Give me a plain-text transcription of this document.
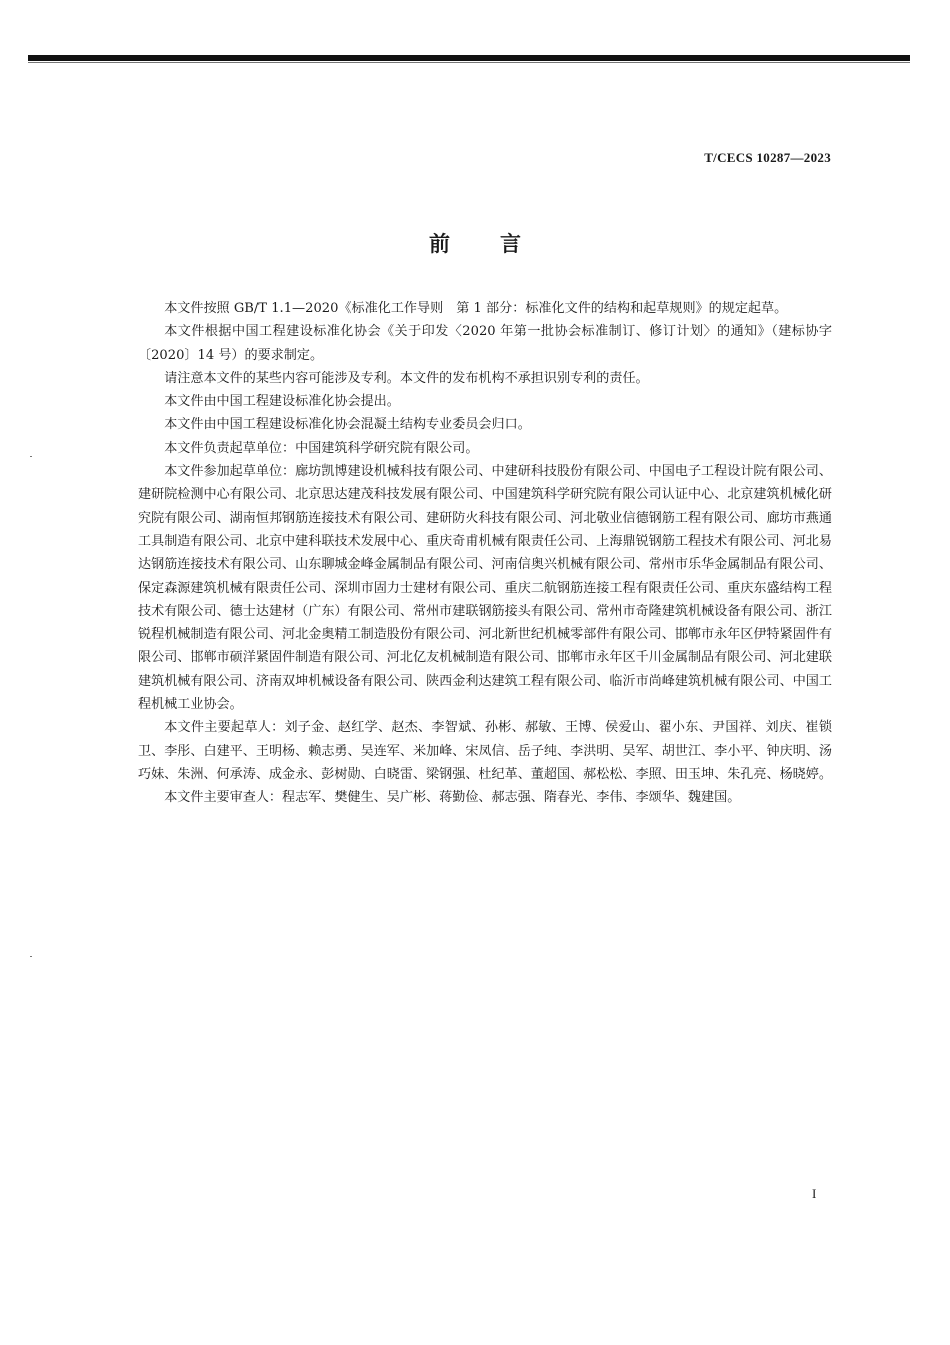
T/CECS 10287—2023
前言

本文件按照 GB/T 1.1—2020《标准化工作导则　第 1 部分：标准化文件的结构和起草规则》的规定起草。

本文件根据中国工程建设标准化协会《关于印发〈2020 年第一批协会标准制订、修订计划〉的通知》（建标协字〔2020〕14 号）的要求制定。

请注意本文件的某些内容可能涉及专利。本文件的发布机构不承担识别专利的责任。

本文件由中国工程建设标准化协会提出。

本文件由中国工程建设标准化协会混凝土结构专业委员会归口。

本文件负责起草单位：中国建筑科学研究院有限公司。

本文件参加起草单位：廊坊凯博建设机械科技有限公司、中建研科技股份有限公司、中国电子工程设计院有限公司、建研院检测中心有限公司、北京思达建茂科技发展有限公司、中国建筑科学研究院有限公司认证中心、北京建筑机械化研究院有限公司、湖南恒邦钢筋连接技术有限公司、建研防火科技有限公司、河北敬业信德钢筋工程有限公司、廊坊市燕通工具制造有限公司、北京中建科联技术发展中心、重庆奇甫机械有限责任公司、上海鼎锐钢筋工程技术有限公司、河北易达钢筋连接技术有限公司、山东聊城金峰金属制品有限公司、河南信奥兴机械有限公司、常州市乐华金属制品有限公司、保定森源建筑机械有限责任公司、深圳市固力士建材有限公司、重庆二航钢筋连接工程有限责任公司、重庆东盛结构工程技术有限公司、德士达建材（广东）有限公司、常州市建联钢筋接头有限公司、常州市奇隆建筑机械设备有限公司、浙江锐程机械制造有限公司、河北金奥精工制造股份有限公司、河北新世纪机械零部件有限公司、邯郸市永年区伊特紧固件有限公司、邯郸市硕洋紧固件制造有限公司、河北亿友机械制造有限公司、邯郸市永年区千川金属制品有限公司、河北建联建筑机械有限公司、济南双坤机械设备有限公司、陕西金利达建筑工程有限公司、临沂市尚峰建筑机械有限公司、中国工程机械工业协会。

本文件主要起草人：刘子金、赵红学、赵杰、李智斌、孙彬、郝敏、王博、侯爱山、翟小东、尹国祥、刘庆、崔锁卫、李彤、白建平、王明杨、赖志勇、吴连军、米加峰、宋凤信、岳子纯、李洪明、吴军、胡世江、李小平、钟庆明、汤巧妹、朱洲、何承涛、成金永、彭树勋、白晓雷、梁钢强、杜纪革、董超国、郝松松、李照、田玉坤、朱孔亮、杨晓婷。

本文件主要审查人：程志军、樊健生、吴广彬、蒋勤俭、郝志强、隋春光、李伟、李颂华、魏建国。

I
